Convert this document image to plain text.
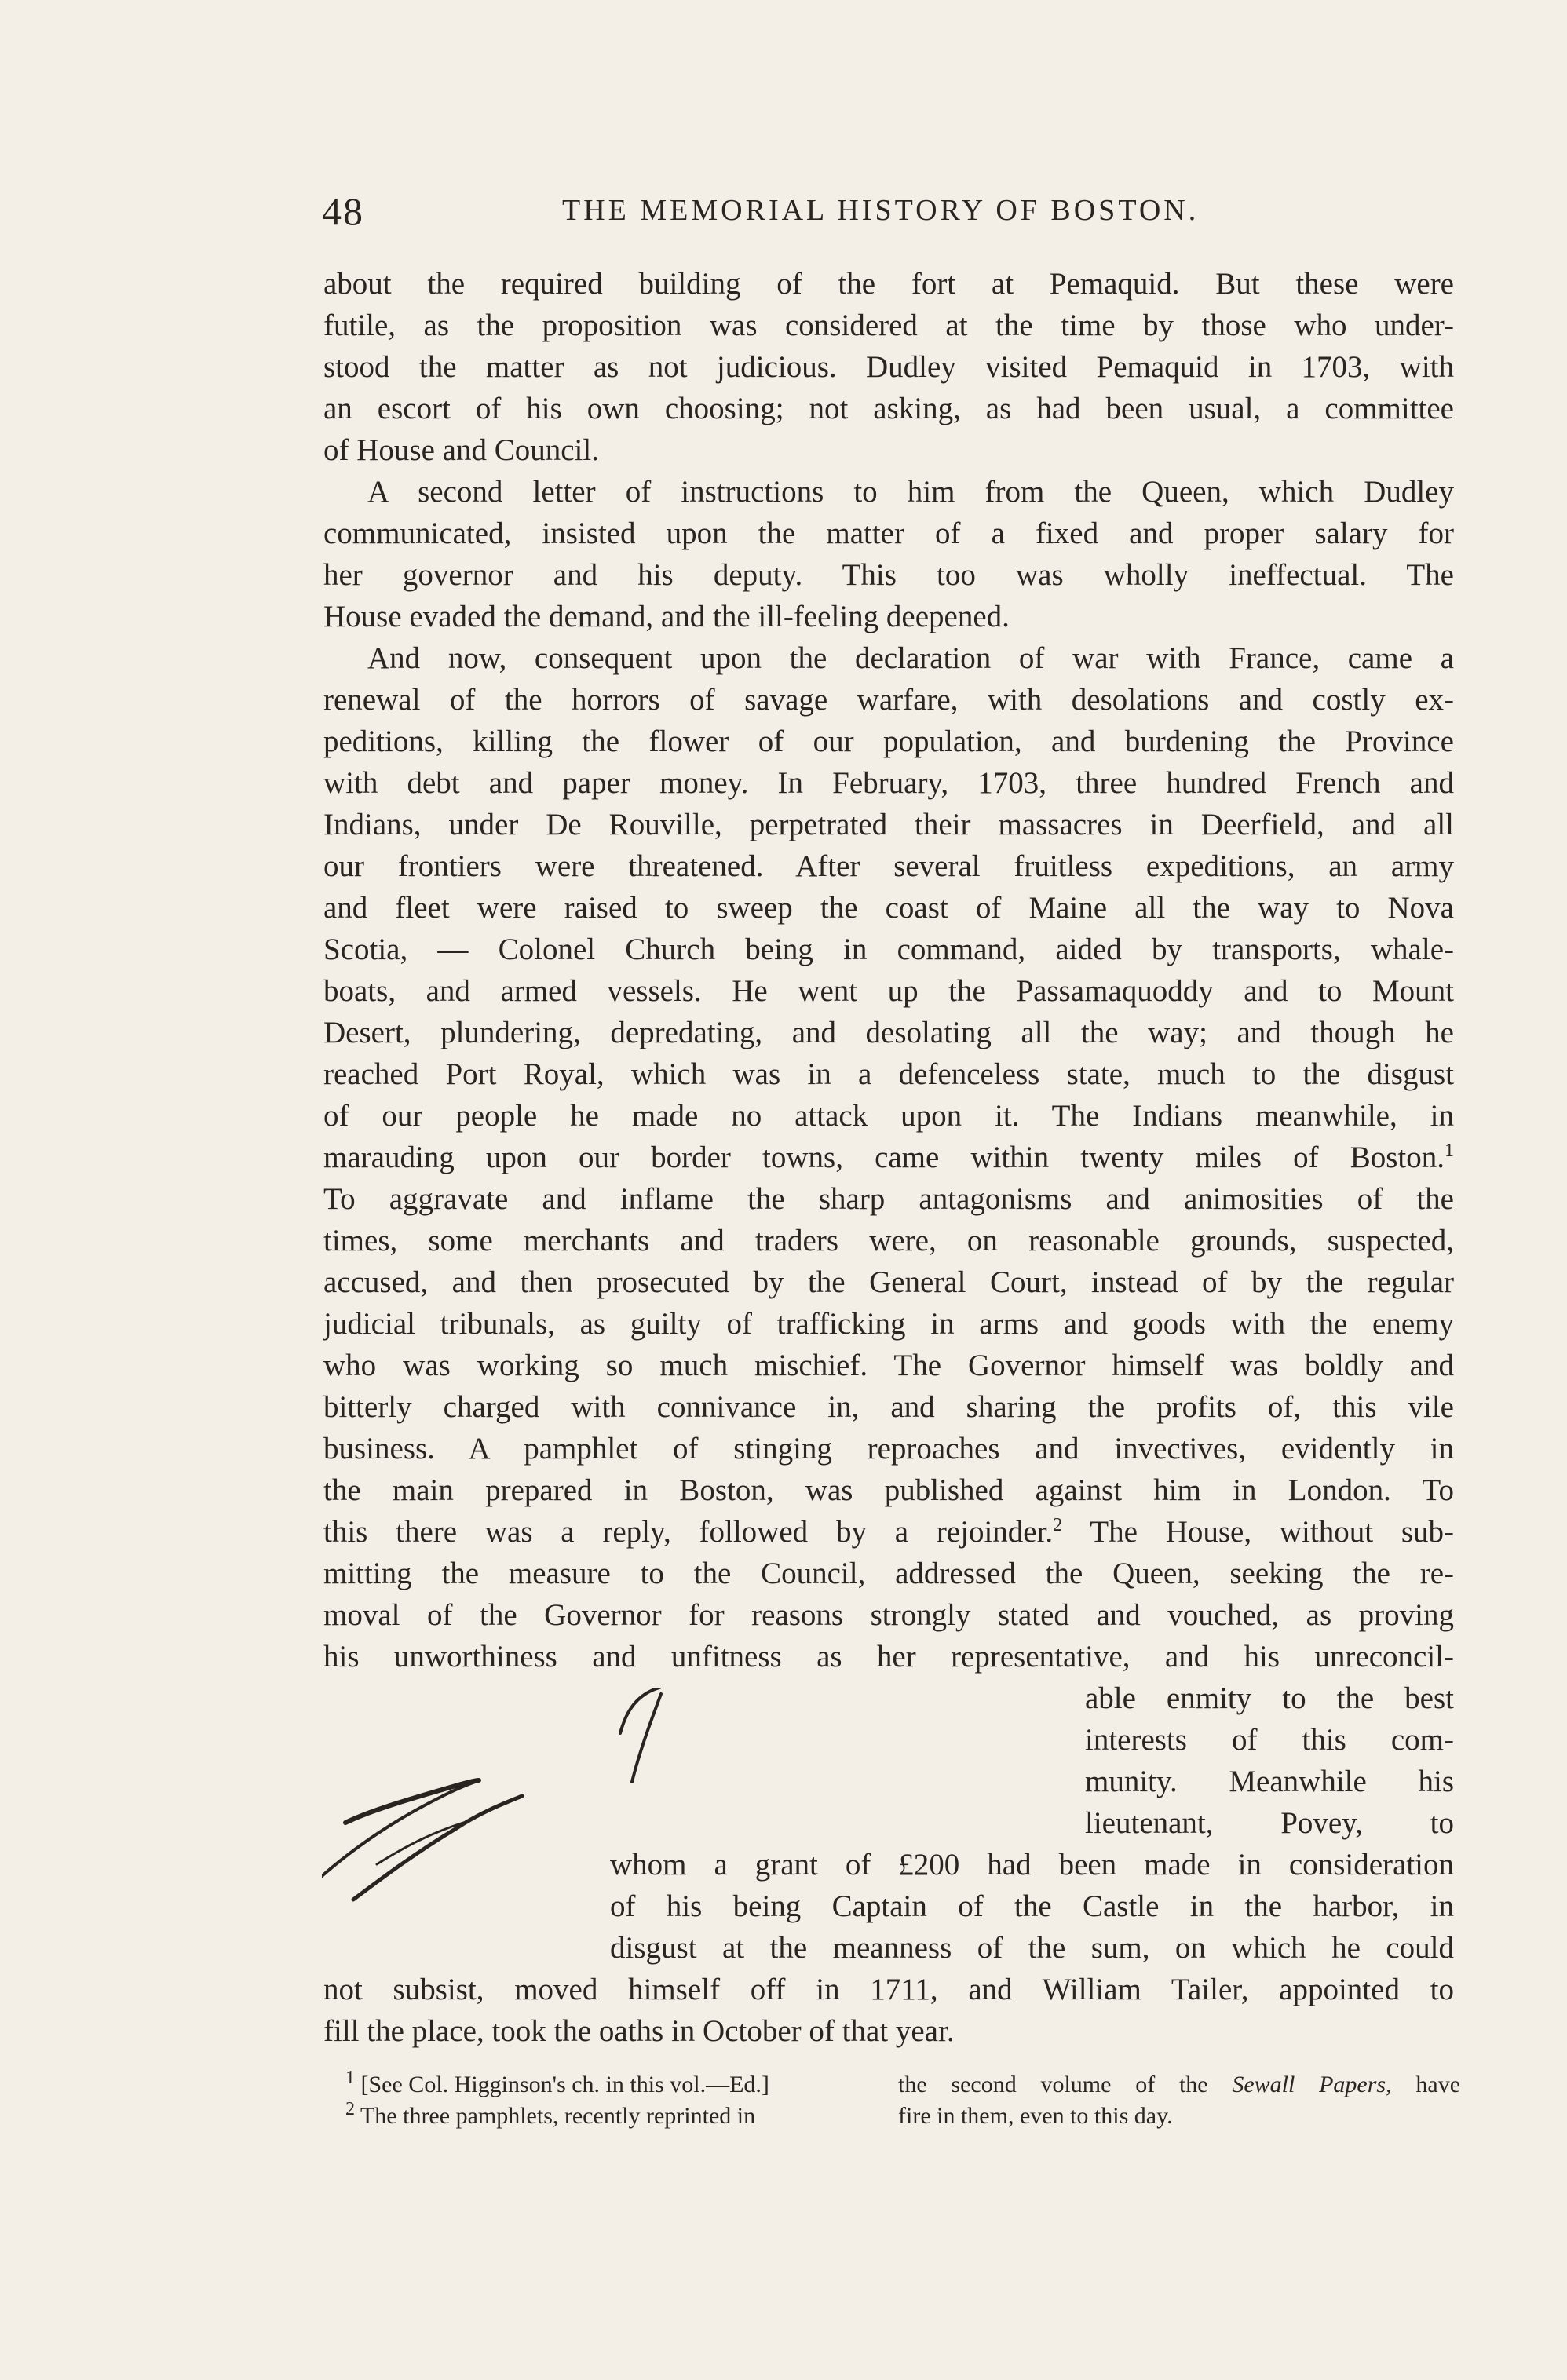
48	THE MEMORIAL HISTORY OF BOSTON.
about the required building of the fort at Pemaquid. But these were
futile, as the proposition was considered at the time by those who under-
stood the matter as not judicious. Dudley visited Pemaquid in 1703, with
an escort of his own choosing; not asking, as had been usual, a committee
of House and Council.
A second letter of instructions to him from the Queen, which Dudley
communicated, insisted upon the matter of a fixed and proper salary for
her governor and his deputy. This too was wholly ineffectual. The
House evaded the demand, and the ill-feeling deepened.
And now, consequent upon the declaration of war with France, came a
renewal of the horrors of savage warfare, with desolations and costly ex-
peditions, killing the flower of our population, and burdening the Province
with debt and paper money. In February, 1703, three hundred French and
Indians, under De Rouville, perpetrated their massacres in Deerfield, and all
our frontiers were threatened. After several fruitless expeditions, an army
and fleet were raised to sweep the coast of Maine all the way to Nova
Scotia, — Colonel Church being in command, aided by transports, whale-
boats, and armed vessels. He went up the Passamaquoddy and to Mount
Desert, plundering, depredating, and desolating all the way; and though he
reached Port Royal, which was in a defenceless state, much to the disgust
of our people he made no attack upon it. The Indians meanwhile, in
marauding upon our border towns, came within twenty miles of Boston.$^1$
To aggravate and inflame the sharp antagonisms and animosities of the
times, some merchants and traders were, on reasonable grounds, suspected,
accused, and then prosecuted by the General Court, instead of by the regular
judicial tribunals, as guilty of trafficking in arms and goods with the enemy
who was working so much mischief. The Governor himself was boldly and
bitterly charged with connivance in, and sharing the profits of, this vile
business. A pamphlet of stinging reproaches and invectives, evidently in
the main prepared in Boston, was published against him in London. To
this there was a reply, followed by a rejoinder.$^2$ The House, without sub-
mitting the measure to the Council, addressed the Queen, seeking the re-
moval of the Governor for reasons strongly stated and vouched, as proving
his unworthiness and unfitness as her representative, and his unreconcil-
able enmity to the best
interests of this com-
munity. Meanwhile his
lieutenant, Povey, to
whom a grant of £200 had been made in consideration
of his being Captain of the Castle in the harbor, in
disgust at the meanness of the sum, on which he could
not subsist, moved himself off in 1711, and William Tailer, appointed to
fill the place, took the oaths in October of that year.
$^1$ [See Col. Higginson's ch. in this vol.—Ed.]
$^2$ The three pamphlets, recently reprinted in
the second volume of the Sewall Papers, have
fire in them, even to this day.
